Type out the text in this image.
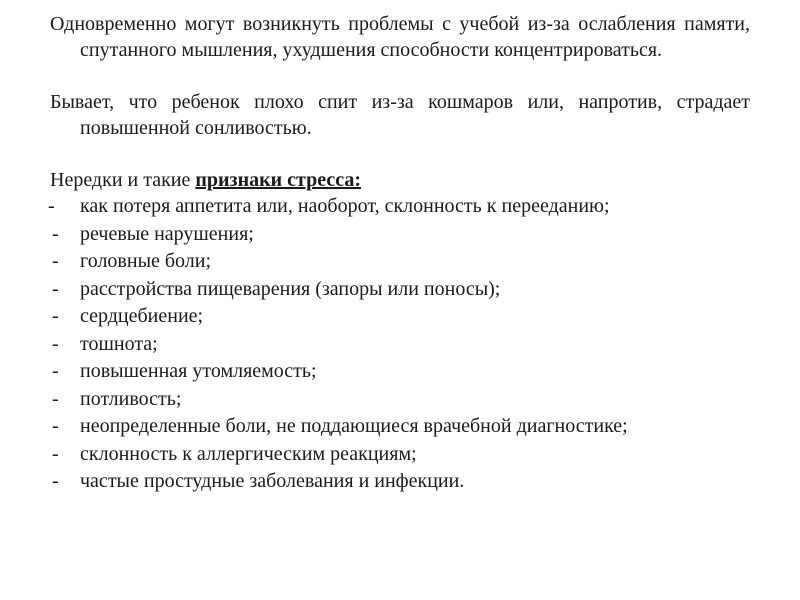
Одновременно могут возникнуть проблемы с учебой из-за ослабления памяти, спутанного мышления, ухудшения способности концентрироваться.

Бывает, что ребенок плохо спит из-за кошмаров или, напротив, страдает повышенной сонливостью.

Нередки и такие признаки стресса:

- как потеря аппетита или, наоборот, склонность к перееданию;
- речевые нарушения;
- головные боли;
- расстройства пищеварения (запоры или поносы);
- сердцебиение;
- тошнота;
- повышенная утомляемость;
- потливость;
- неопределенные боли, не поддающиеся врачебной диагностике;
- склонность к аллергическим реакциям;
- частые простудные заболевания и инфекции.
